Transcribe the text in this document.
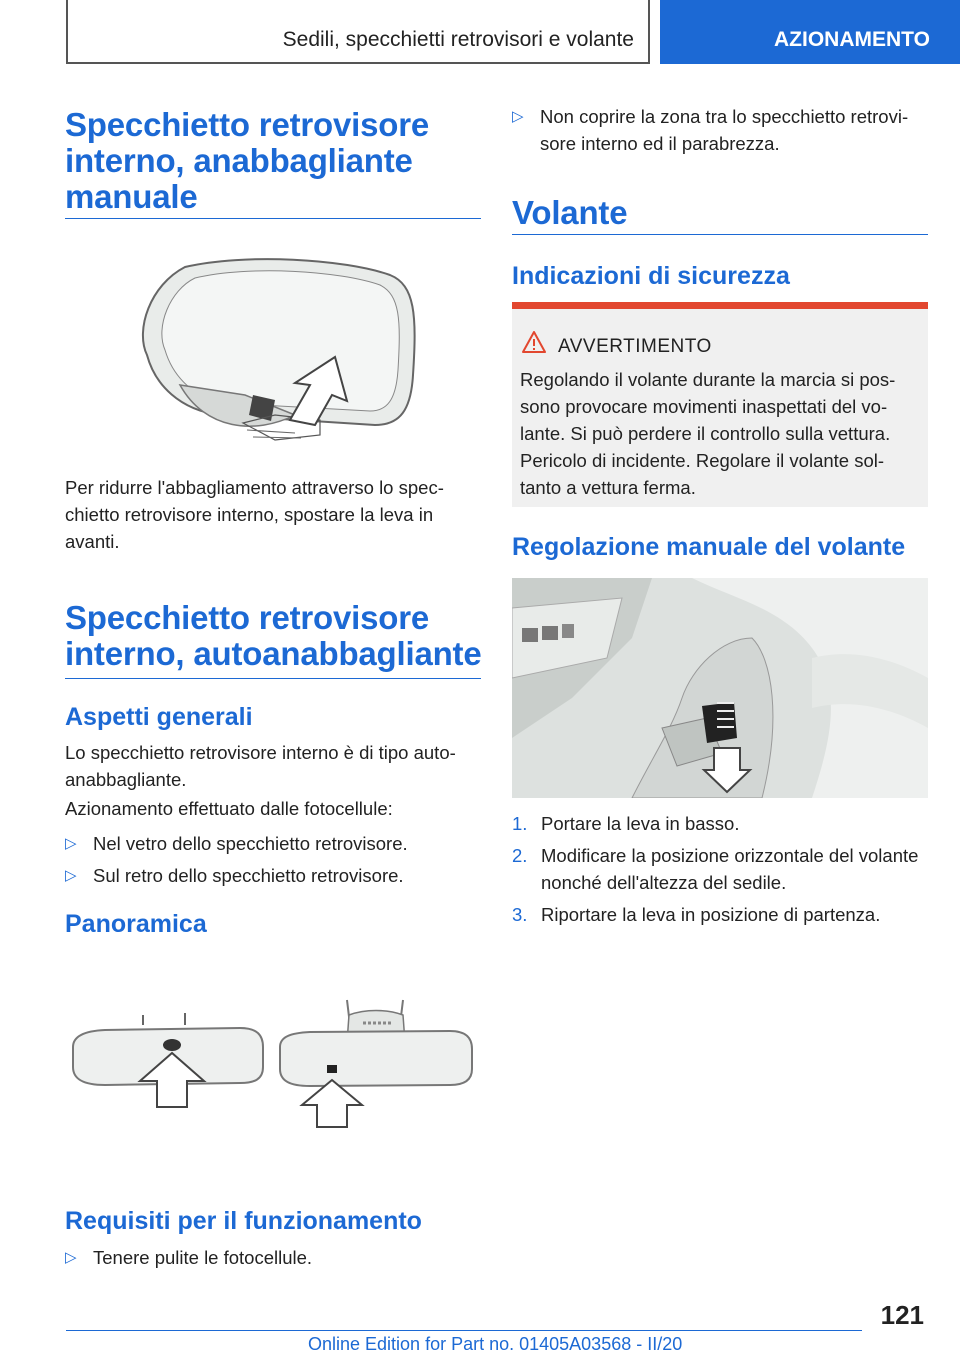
Sedili, specchietti retrovisori e volante	AZIONAMENTO
Specchietto retrovisore
interno, anabbagliante
manuale
Per ridurre l'abbagliamento attraverso lo spec‐
chietto retrovisore interno, spostare la leva in
avanti.
Specchietto retrovisore
interno, autoanabbagliante
Aspetti generali
Lo specchietto retrovisore interno è di tipo auto‐
anabbagliante.
Azionamento effettuato dalle fotocellule:
▷ Nel vetro dello specchietto retrovisore.
▷ Sul retro dello specchietto retrovisore.
Panoramica
Requisiti per il funzionamento
▷ Tenere pulite le fotocellule.
▷ Non coprire la zona tra lo specchietto retrovi‐
sore interno ed il parabrezza.
Volante
Indicazioni di sicurezza
AVVERTIMENTO
Regolando il volante durante la marcia si pos‐
sono provocare movimenti inaspettati del vo‐
lante. Si può perdere il controllo sulla vettura.
Pericolo di incidente. Regolare il volante sol‐
tanto a vettura ferma.
Regolazione manuale del volante
1. Portare la leva in basso.
2. Modificare la posizione orizzontale del volante
nonché dell'altezza del sedile.
3. Riportare la leva in posizione di partenza.
121
Online Edition for Part no. 01405A03568 - II/20
